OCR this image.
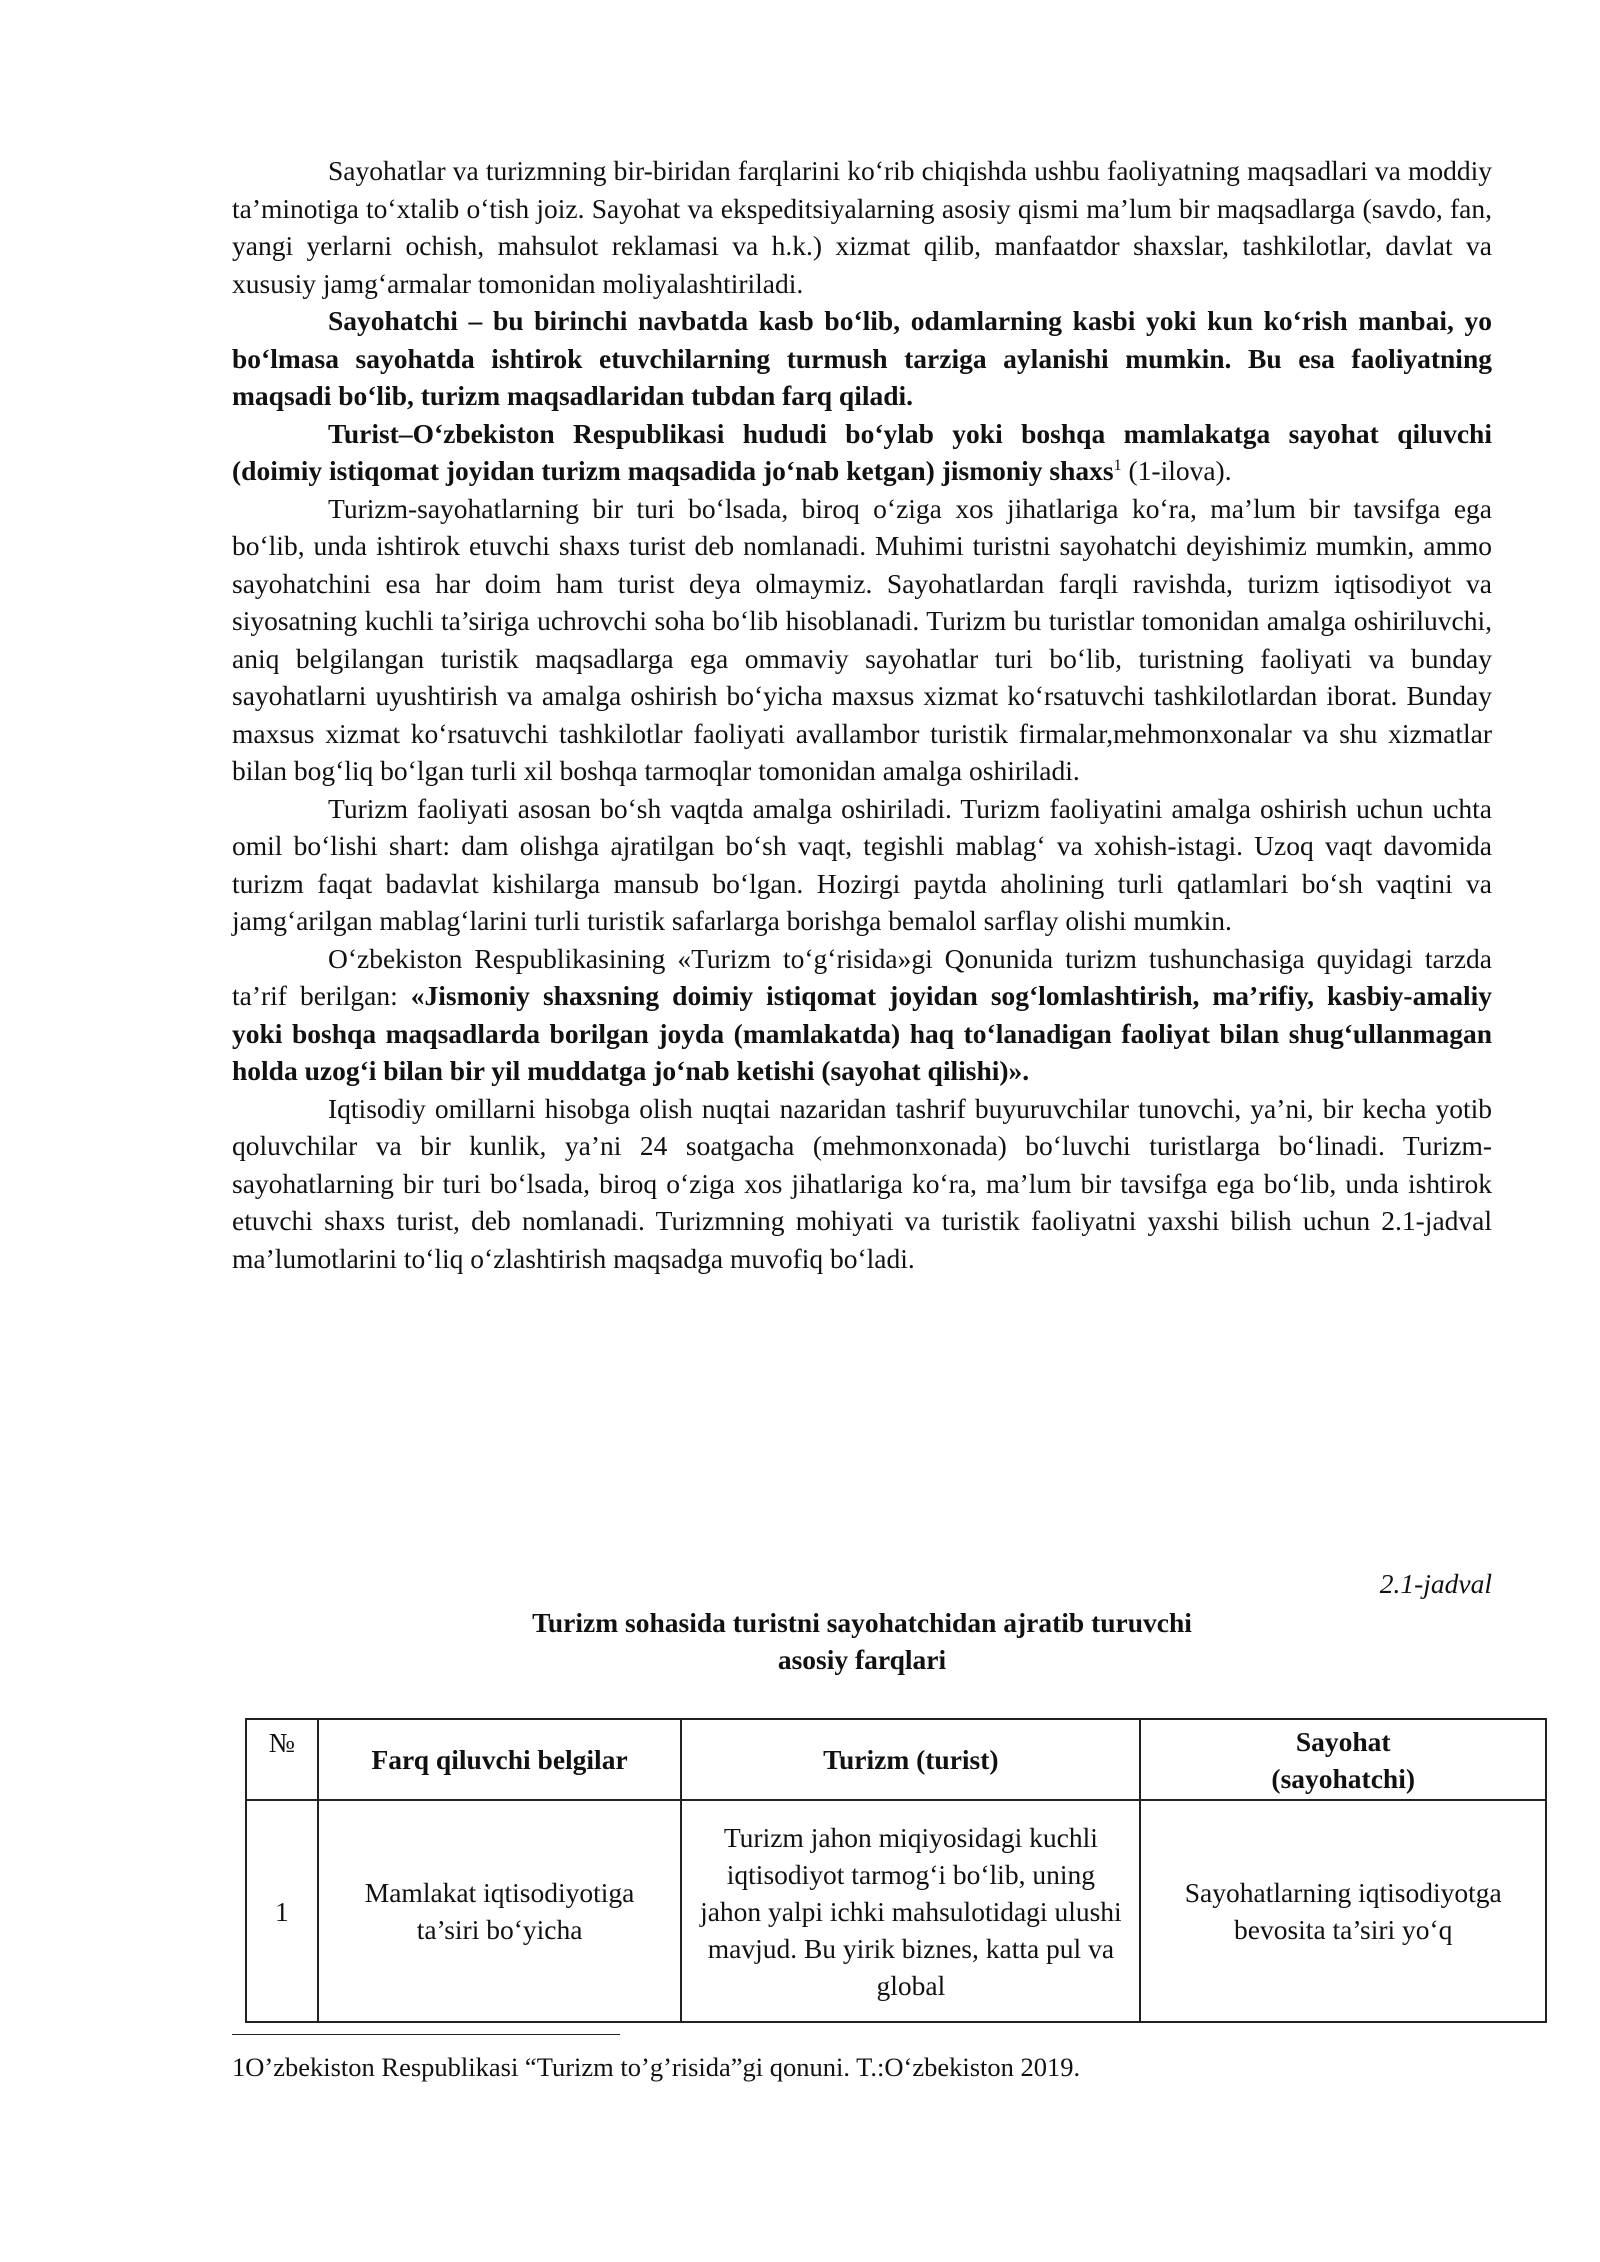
Sayohatlar va turizmning bir-biridan farqlarini ko‘rib chiqishda ushbu faoliyatning maqsadlari va moddiy ta’minotiga to‘xtalib o‘tish joiz. Sayohat va ekspeditsiyalarning asosiy qismi ma’lum bir maqsadlarga (savdo, fan, yangi yerlarni ochish, mahsulot reklamasi va h.k.) xizmat qilib, manfaatdor shaxslar, tashkilotlar, davlat va xususiy jamg‘armalar tomonidan moliyalashtiriladi.

Sayohatchi – bu birinchi navbatda kasb bo‘lib, odamlarning kasbi yoki kun ko‘rish manbai, yo bo‘lmasa sayohatda ishtirok etuvchilarning turmush tarziga aylanishi mumkin. Bu esa faoliyatning maqsadi bo‘lib, turizm maqsadlaridan tubdan farq qiladi.

Turist–O‘zbekiston Respublikasi hududi bo‘ylab yoki boshqa mamlakatga sayohat qiluvchi (doimiy istiqomat joyidan turizm maqsadida jo‘nab ketgan) jismoniy shaxs$^1$ (1-ilova).

Turizm-sayohatlarning bir turi bo‘lsada, biroq o‘ziga xos jihatlariga ko‘ra, ma’lum bir tavsifga ega bo‘lib, unda ishtirok etuvchi shaxs turist deb nomlanadi. Muhimi turistni sayohatchi deyishimiz mumkin, ammo sayohatchini esa har doim ham turist deya olmaymiz. Sayohatlardan farqli ravishda, turizm iqtisodiyot va siyosatning kuchli ta’siriga uchrovchi soha bo‘lib hisoblanadi. Turizm bu turistlar tomonidan amalga oshiriluvchi, aniq belgilangan turistik maqsadlarga ega ommaviy sayohatlar turi bo‘lib, turistning faoliyati va bunday sayohatlarni uyushtirish va amalga oshirish bo‘yicha maxsus xizmat ko‘rsatuvchi tashkilotlardan iborat. Bunday maxsus xizmat ko‘rsatuvchi tashkilotlar faoliyati avallambor turistik firmalar,mehmonxonalar va shu xizmatlar bilan bog‘liq bo‘lgan turli xil boshqa tarmoqlar tomonidan amalga oshiriladi.

Turizm faoliyati asosan bo‘sh vaqtda amalga oshiriladi. Turizm faoliyatini amalga oshirish uchun uchta omil bo‘lishi shart: dam olishga ajratilgan bo‘sh vaqt, tegishli mablag‘ va xohish-istagi. Uzoq vaqt davomida turizm faqat badavlat kishilarga mansub bo‘lgan. Hozirgi paytda aholining turli qatlamlari bo‘sh vaqtini va jamg‘arilgan mablag‘larini turli turistik safarlarga borishga bemalol sarflay olishi mumkin.

O‘zbekiston Respublikasining «Turizm to‘g‘risida»gi Qonunida turizm tushunchasiga quyidagi tarzda ta’rif berilgan: «Jismoniy shaxsning doimiy istiqomat joyidan sog‘lomlashtirish, ma’rifiy, kasbiy-amaliy yoki boshqa maqsadlarda borilgan joyda (mamlakatda) haq to‘lanadigan faoliyat bilan shug‘ullanmagan holda uzog‘i bilan bir yil muddatga jo‘nab ketishi (sayohat qilishi)».

Iqtisodiy omillarni hisobga olish nuqtai nazaridan tashrif buyuruvchilar tunovchi, ya’ni, bir kecha yotib qoluvchilar va bir kunlik, ya’ni 24 soatgacha (mehmonxonada) bo‘luvchi turistlarga bo‘linadi. Turizm-sayohatlarning bir turi bo‘lsada, biroq o‘ziga xos jihatlariga ko‘ra, ma’lum bir tavsifga ega bo‘lib, unda ishtirok etuvchi shaxs turist, deb nomlanadi. Turizmning mohiyati va turistik faoliyatni yaxshi bilish uchun 2.1-jadval ma’lumotlarini to‘liq o‘zlashtirish maqsadga muvofiq bo‘ladi.

2.1-jadval
Turizm sohasida turistni sayohatchidan ajratib turuvchi
asosiy farqlari
№	Farq qiluvchi belgilar	Turizm (turist)	Sayohat
(sayohatchi)
1	Mamlakat iqtisodiyotiga ta’siri bo‘yicha	Turizm jahon miqiyosidagi kuchli iqtisodiyot tarmog‘i bo‘lib, uning jahon yalpi ichki mahsulotidagi ulushi mavjud. Bu yirik biznes, katta pul va global	Sayohatlarning iqtisodiyotga bevosita ta’siri yo‘q
1O’zbekiston Respublikasi “Turizm to’g’risida”gi qonuni. T.:O‘zbekiston 2019.
